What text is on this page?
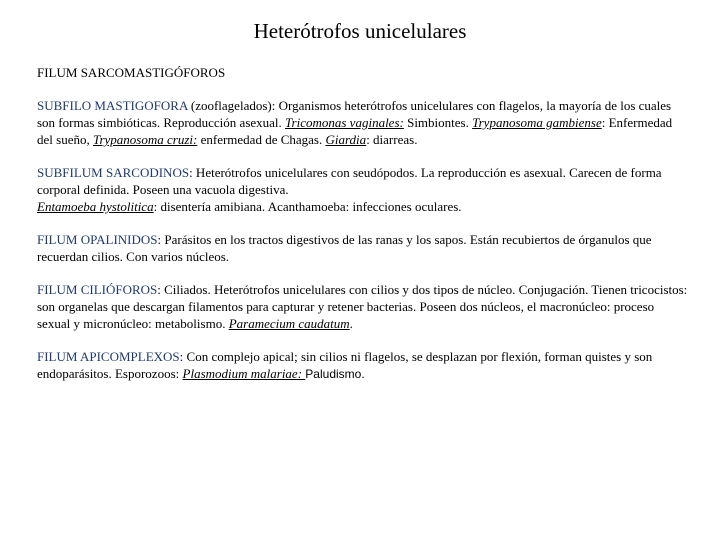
Heterótrofos unicelulares

FILUM SARCOMASTIGÓFOROS

SUBFILO MASTIGOFORA (zooflagelados): Organismos heterótrofos unicelulares con flagelos, la mayoría de los cuales son formas simbióticas. Reproducción asexual. Tricomonas vaginales: Simbiontes. Trypanosoma gambiense: Enfermedad del sueño, Trypanosoma cruzi: enfermedad de Chagas. Giardia: diarreas.

SUBFILUM SARCODINOS: Heterótrofos unicelulares con seudópodos. La reproducción es asexual. Carecen de forma corporal definida. Poseen una vacuola digestiva.
Entamoeba hystolitica: disentería amibiana. Acanthamoeba: infecciones oculares.

FILUM OPALINIDOS: Parásitos en los tractos digestivos de las ranas y los sapos. Están recubiertos de órganulos que recuerdan cilios. Con varios núcleos.

FILUM CILIÓFOROS: Ciliados. Heterótrofos unicelulares con cilios y dos tipos de núcleo. Conjugación. Tienen tricocistos: son organelas que descargan filamentos para capturar y retener bacterias. Poseen dos núcleos, el macronúcleo: proceso sexual y micronúcleo: metabolismo. Paramecium caudatum.

FILUM APICOMPLEXOS: Con complejo apical; sin cilios ni flagelos, se desplazan por flexión, forman quistes y son endoparásitos. Esporozoos: Plasmodium malariae: Paludismo.
